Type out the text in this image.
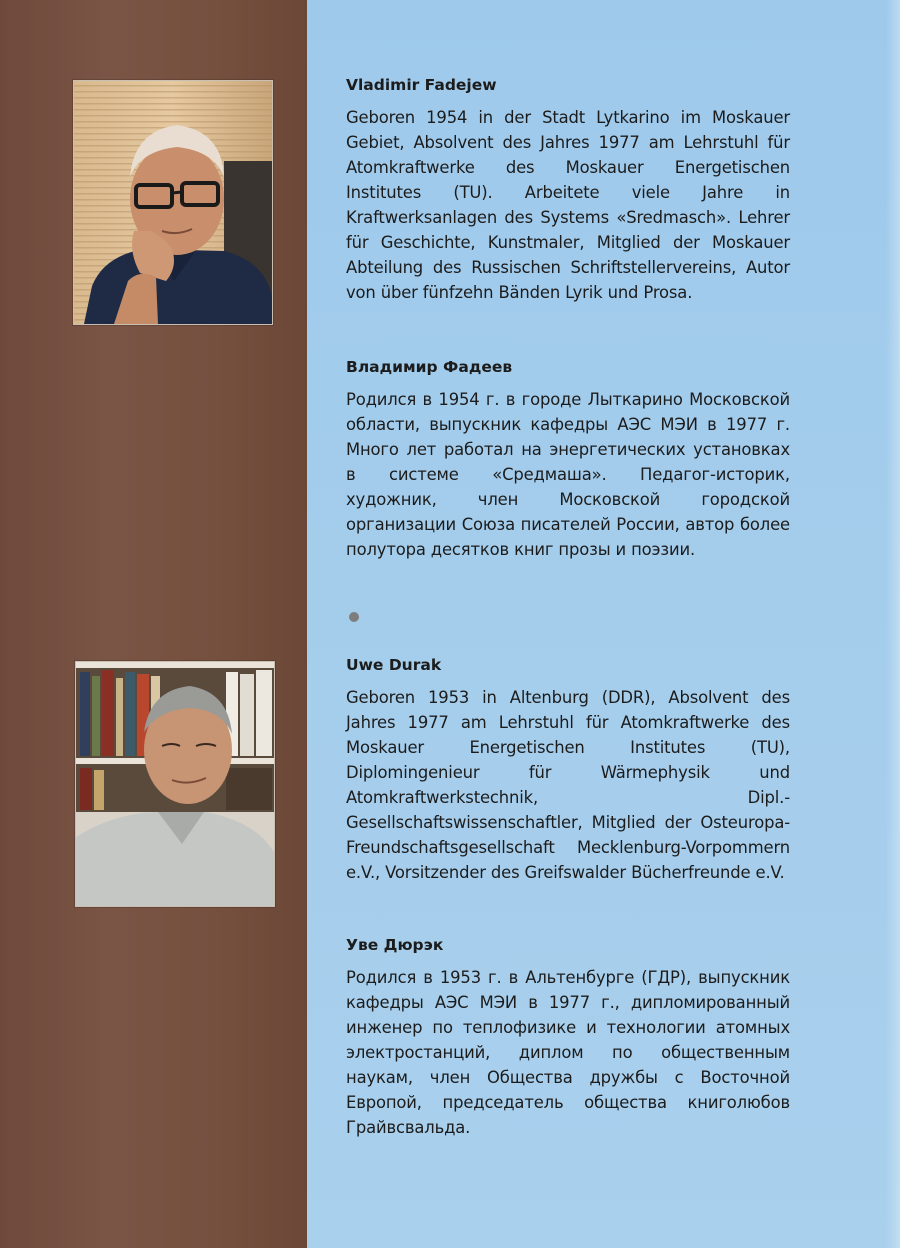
Vladimir Fadejew

Geboren 1954 in der Stadt Lytkarino im Moskauer Gebiet, Absolvent des Jahres 1977 am Lehrstuhl für Atomkraftwerke des Moskauer Energetischen Institutes (TU). Arbeitete viele Jahre in Kraftwerksanlagen des Systems «Sredmasch». Lehrer für Geschichte, Kunstmaler, Mitglied der Moskauer Abteilung des Russischen Schriftstellervereins, Autor von über fünfzehn Bänden Lyrik und Prosa.

Владимир Фадеев

Родился в 1954 г. в городе Лыткарино Московской области, выпускник кафедры АЭС МЭИ в 1977 г. Много лет работал на энергетических установках в системе «Средмаша». Педагог-историк, художник, член Московской городской организации Союза писателей России, автор более полутора десятков книг прозы и поэзии.

Uwe Durak

Geboren 1953 in Altenburg (DDR), Absolvent des Jahres 1977 am Lehrstuhl für Atomkraftwerke des Moskauer Energetischen Institutes (TU), Diplomingenieur für Wärmephysik und Atomkraftwerkstechnik, Dipl.-Gesellschaftswissenschaftler, Mitglied der Osteuropa-Freundschaftsgesellschaft Mecklenburg-Vorpommern e.V., Vorsitzender des Greifswalder Bücherfreunde e.V.

Уве Дюрэк

Родился в 1953 г. в Альтенбурге (ГДР), выпускник кафедры АЭС МЭИ в 1977 г., дипломированный инженер по теплофизике и технологии атомных электростанций, диплом по общественным наукам, член Общества дружбы с Восточной Европой, председатель общества книголюбов Грайвсвальда.
